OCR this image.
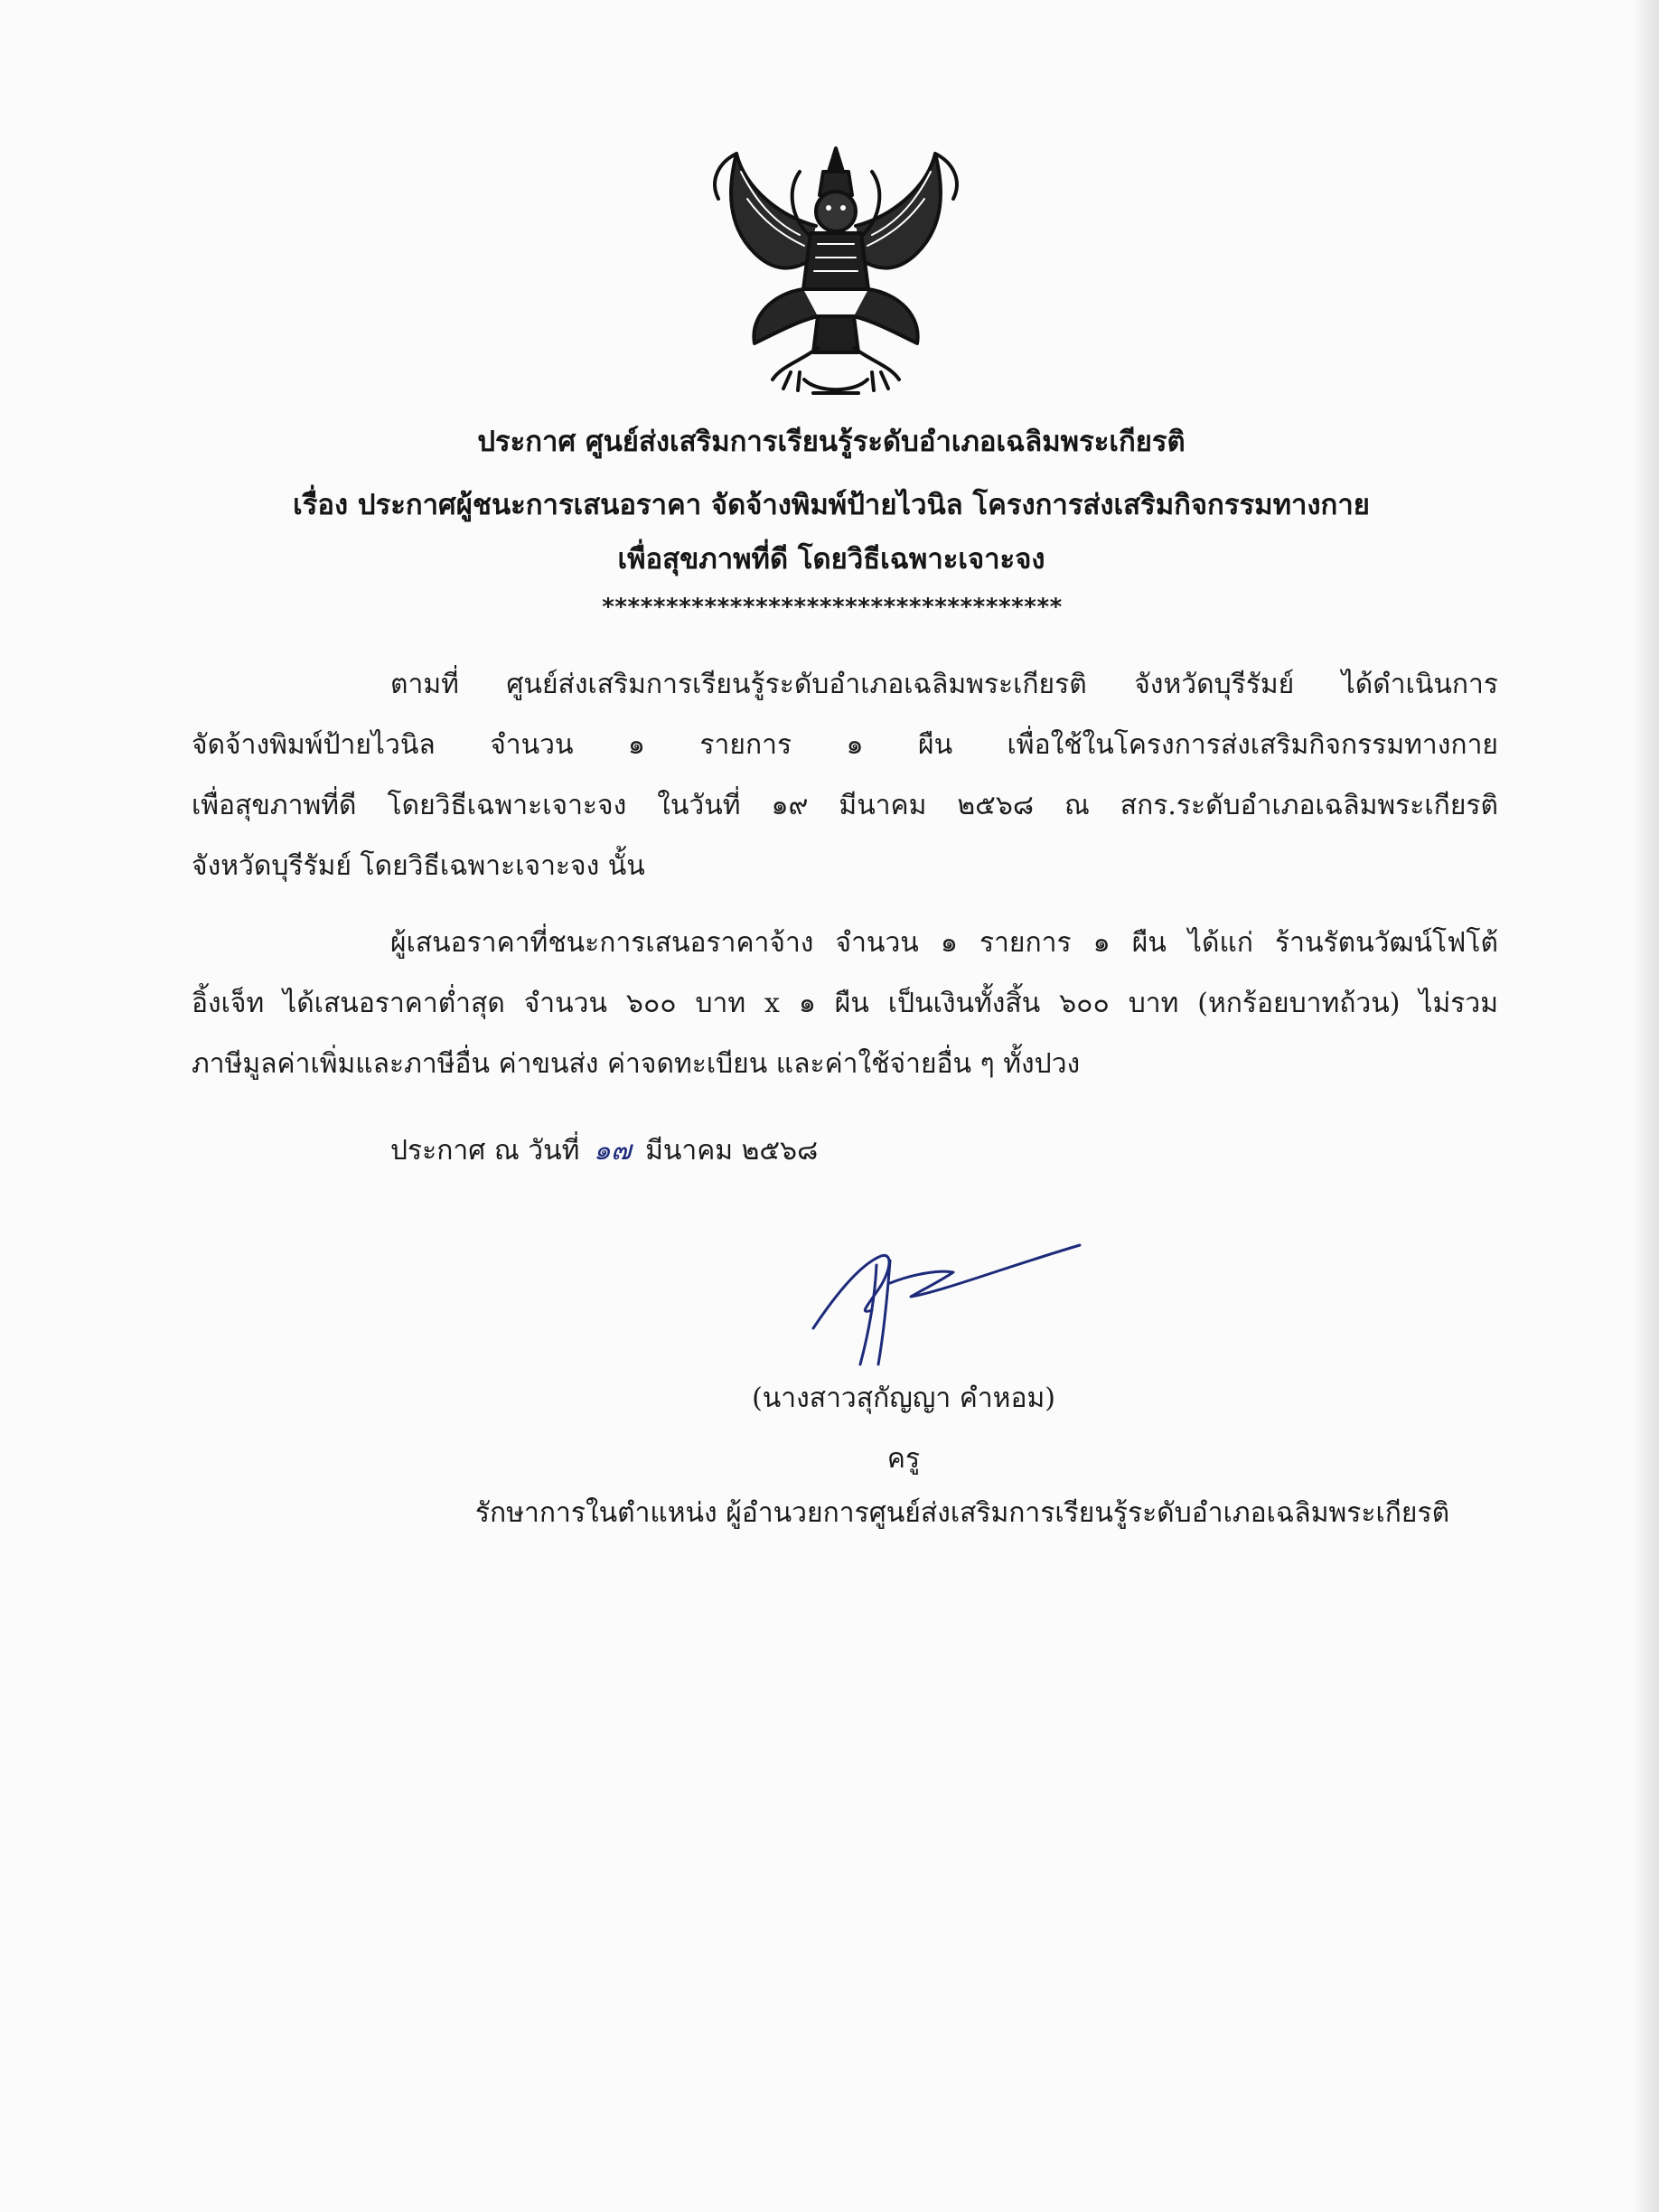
ประกาศ ศูนย์ส่งเสริมการเรียนรู้ระดับอำเภอเฉลิมพระเกียรติ
เรื่อง ประกาศผู้ชนะการเสนอราคา จัดจ้างพิมพ์ป้ายไวนิล โครงการส่งเสริมกิจกรรมทางกาย
เพื่อสุขภาพที่ดี โดยวิธีเฉพาะเจาะจง
************************************
ตามที่ ศูนย์ส่งเสริมการเรียนรู้ระดับอำเภอเฉลิมพระเกียรติ จังหวัดบุรีรัมย์ ได้ดำเนินการ
จัดจ้างพิมพ์ป้ายไวนิล จำนวน ๑ รายการ ๑ ผืน เพื่อใช้ในโครงการส่งเสริมกิจกรรมทางกาย
เพื่อสุขภาพที่ดี โดยวิธีเฉพาะเจาะจง ในวันที่ ๑๙ มีนาคม ๒๕๖๘ ณ สกร.ระดับอำเภอเฉลิมพระเกียรติ
จังหวัดบุรีรัมย์ โดยวิธีเฉพาะเจาะจง นั้น
ผู้เสนอราคาที่ชนะการเสนอราคาจ้าง จำนวน ๑ รายการ ๑ ผืน ได้แก่ ร้านรัตนวัฒน์โฟโต้
อิ้งเจ็ท ได้เสนอราคาต่ำสุด จำนวน ๖๐๐ บาท x ๑ ผืน เป็นเงินทั้งสิ้น ๖๐๐ บาท (หกร้อยบาทถ้วน) ไม่รวม
ภาษีมูลค่าเพิ่มและภาษีอื่น ค่าขนส่ง ค่าจดทะเบียน และค่าใช้จ่ายอื่น ๆ ทั้งปวง
ประกาศ ณ วันที่ ๑๗ มีนาคม ๒๕๖๘
(นางสาวสุกัญญา คำหอม)
ครู
รักษาการในตำแหน่ง ผู้อำนวยการศูนย์ส่งเสริมการเรียนรู้ระดับอำเภอเฉลิมพระเกียรติ
